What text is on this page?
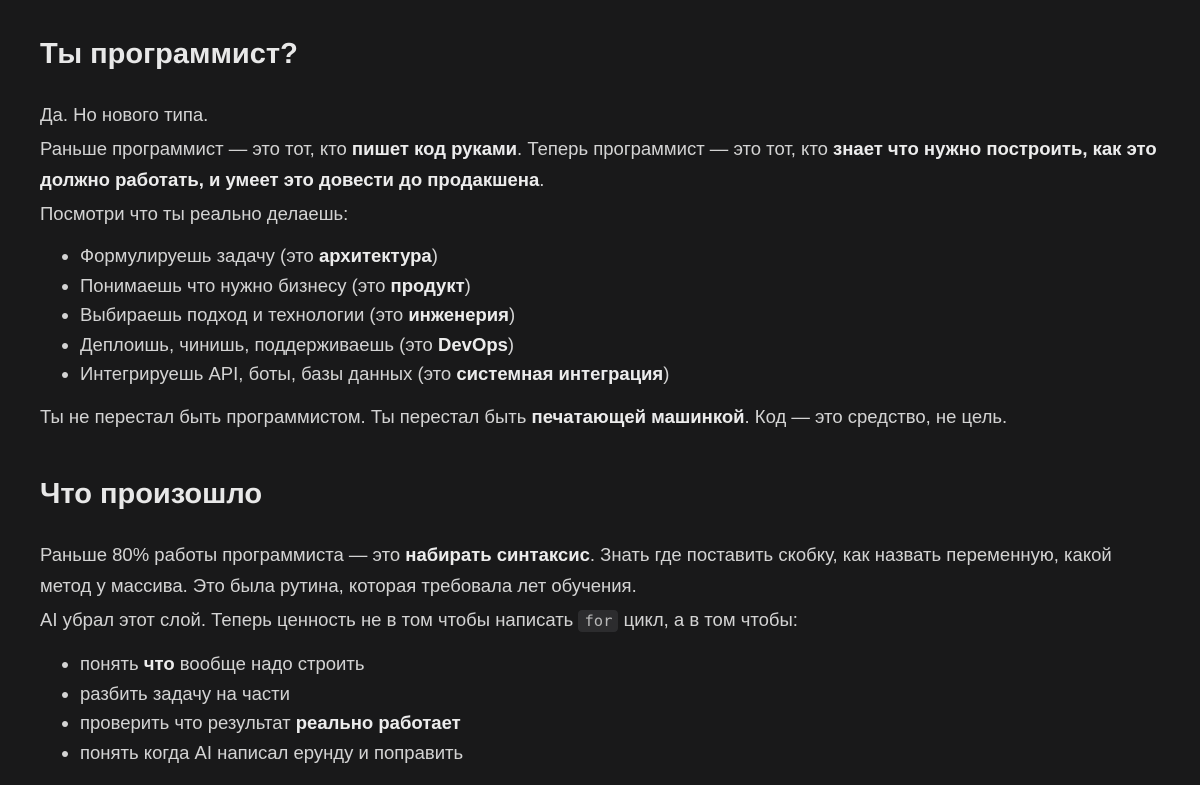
Ты программист?

Да. Но нового типа.

Раньше программист — это тот, кто пишет код руками. Теперь программист — это тот, кто знает что нужно построить, как это должно работать, и умеет это довести до продакшена.

Посмотри что ты реально делаешь:

Формулируешь задачу (это архитектура)
Понимаешь что нужно бизнесу (это продукт)
Выбираешь подход и технологии (это инженерия)
Деплоишь, чинишь, поддерживаешь (это DevOps)
Интегрируешь API, боты, базы данных (это системная интеграция)

Ты не перестал быть программистом. Ты перестал быть печатающей машинкой. Код — это средство, не цель.

Что произошло

Раньше 80% работы программиста — это набирать синтаксис. Знать где поставить скобку, как назвать переменную, какой метод у массива. Это была рутина, которая требовала лет обучения.

AI убрал этот слой. Теперь ценность не в том чтобы написать for цикл, а в том чтобы:

понять что вообще надо строить
разбить задачу на части
проверить что результат реально работает
понять когда AI написал ерунду и поправить
